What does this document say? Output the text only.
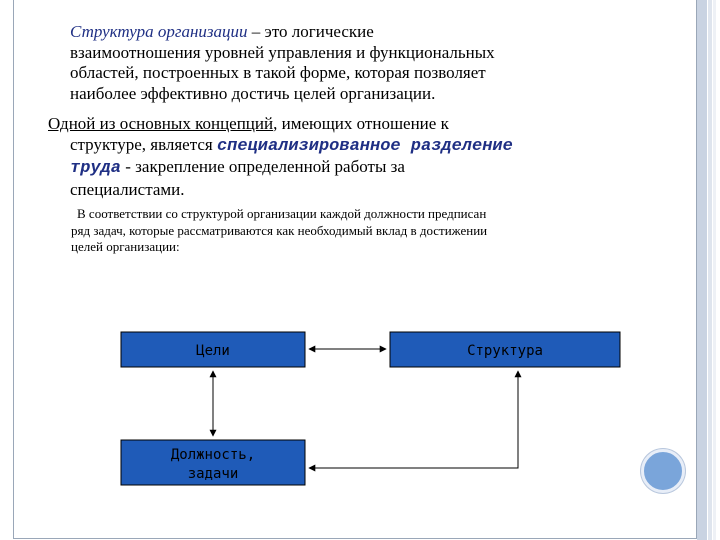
Структура организации – это логические
взаимоотношения уровней управления и функциональных
областей, построенных в такой форме, которая позволяет
наиболее эффективно достичь целей организации.
Одной из основных концепций, имеющих отношение к
структуре, является специализированное разделение
труда - закрепление определенной работы за
специалистами.
В соответствии со структурой организации каждой должности предписан
ряд задач, которые рассматриваются как необходимый вклад в достижении
целей организации:
Цели	Структура
Должность,
задачи
